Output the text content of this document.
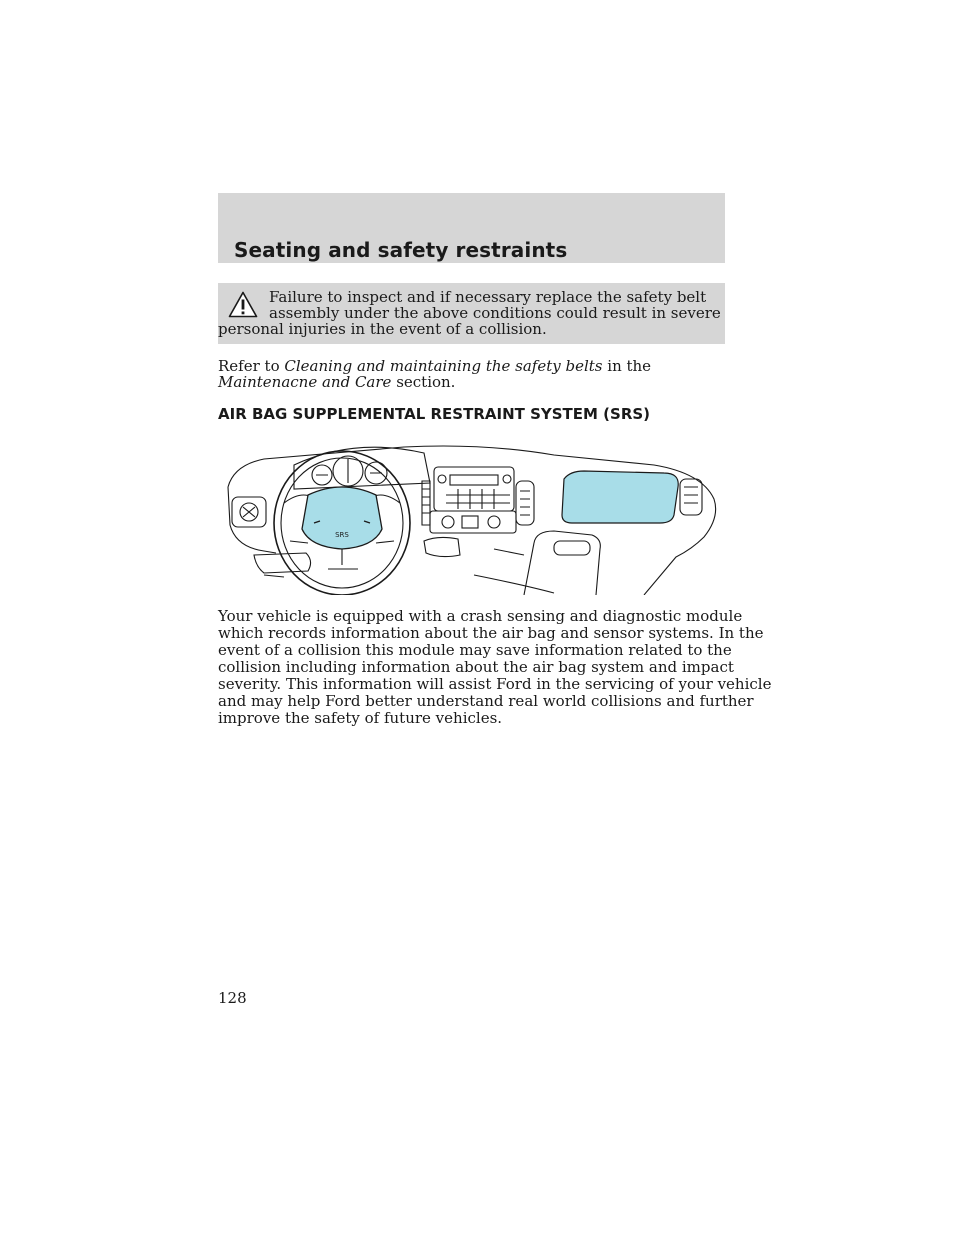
Seating and safety restraints
Failure to inspect and if necessary replace the safety belt
assembly under the above conditions could result in severe
personal injuries in the event of a collision.
Refer to Cleaning and maintaining the safety belts in the
Maintenacne and Care section.
AIR BAG SUPPLEMENTAL RESTRAINT SYSTEM (SRS)
SRS
Your vehicle is equipped with a crash sensing and diagnostic module
which records information about the air bag and sensor systems. In the
event of a collision this module may save information related to the
collision including information about the air bag system and impact
severity. This information will assist Ford in the servicing of your vehicle
and may help Ford better understand real world collisions and further
improve the safety of future vehicles.
128
